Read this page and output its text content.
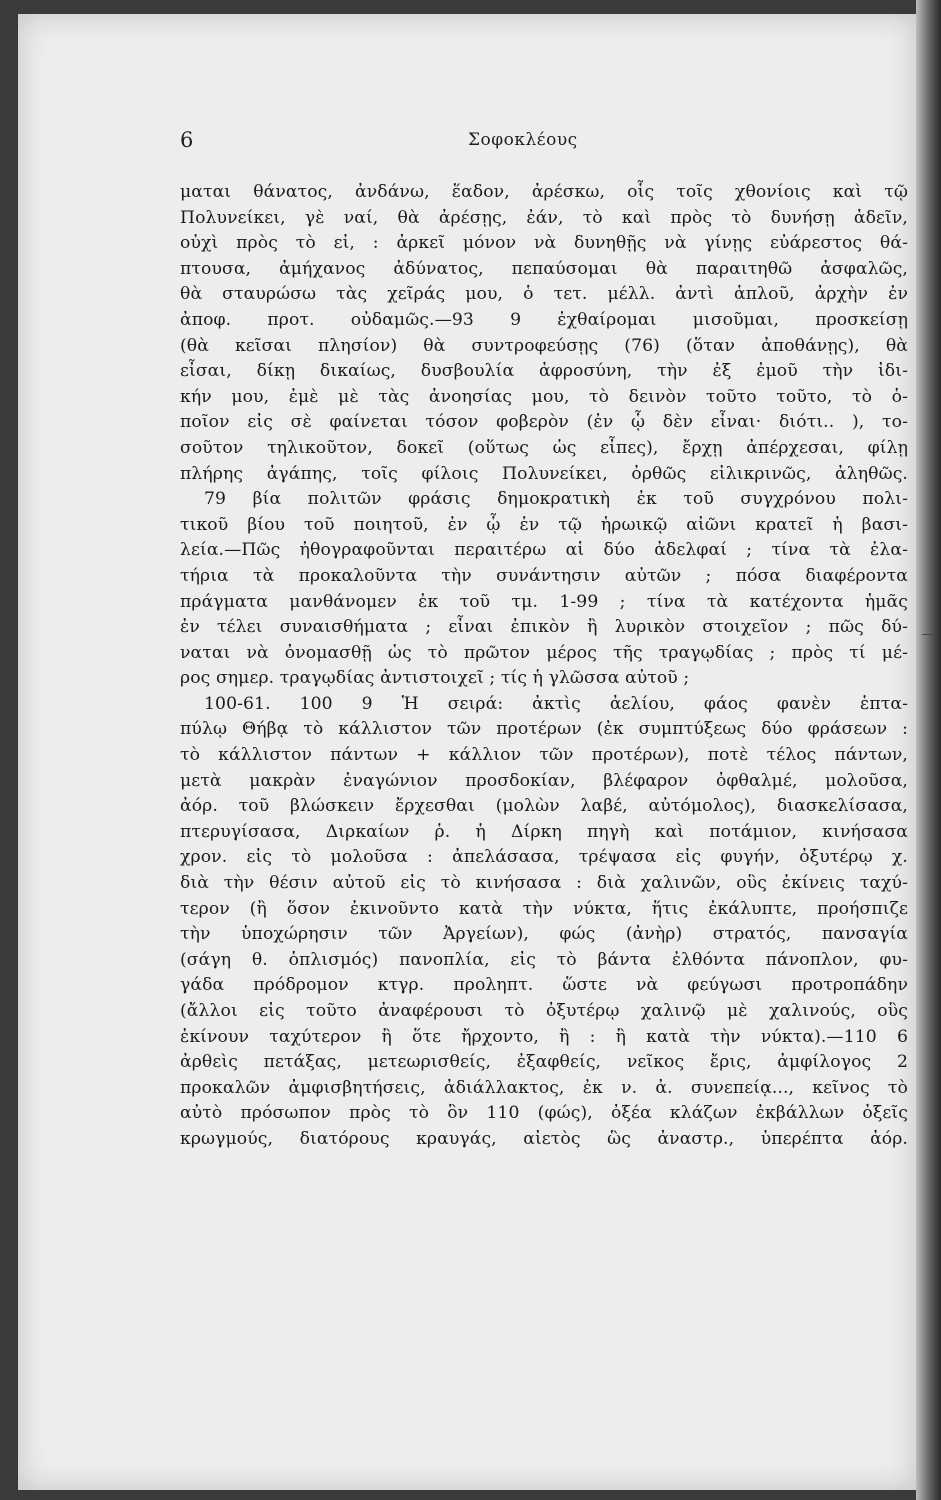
6	Σοφοκλέους
μαται θάνατος, ἀνδάνω, ἕαδον, ἀρέσκω, οἷς τοῖς χθονίοις καὶ τῷ
Πολυνείκει, γὲ ναί, θὰ ἀρέσῃς, ἐάν, τὸ καὶ πρὸς τὸ δυνήσῃ ἀδεῖν,
οὐχὶ πρὸς τὸ εἰ, : ἀρκεῖ μόνον νὰ δυνηθῇς νὰ γίνῃς εὐάρεστος θά-
πτουσα, ἀμήχανος ἀδύνατος, πεπαύσομαι θὰ παραιτηθῶ ἀσφαλῶς,
θὰ σταυρώσω τὰς χεῖράς μου, ὁ τετ. μέλλ. ἀντὶ ἁπλοῦ, ἀρχὴν ἐν
ἀποφ. προτ. οὐδαμῶς.—93 9 ἐχθαίρομαι μισοῦμαι, προσκείσῃ
(θὰ κεῖσαι πλησίον) θὰ συντροφεύσῃς (76) (ὅταν ἀποθάνῃς), θὰ
εἶσαι, δίκῃ δικαίως, δυσβουλία ἀφροσύνη, τὴν ἐξ ἐμοῦ τὴν ἰδι-
κήν μου, ἐμὲ μὲ τὰς ἀνοησίας μου, τὸ δεινὸν τοῦτο τοῦτο, τὸ ὁ-
ποῖον εἰς σὲ φαίνεται τόσον φοβερὸν (ἐν ᾧ δὲν εἶναι· διότι.. ), το-
σοῦτον τηλικοῦτον, δοκεῖ (οὕτως ὡς εἶπες), ἔρχῃ ἀπέρχεσαι, φίλῃ
πλήρης ἀγάπης, τοῖς φίλοις Πολυνείκει, ὀρθῶς εἰλικρινῶς, ἀληθῶς.
79 βία πολιτῶν φράσις δημοκρατικὴ ἐκ τοῦ συγχρόνου πολι-
τικοῦ βίου τοῦ ποιητοῦ, ἐν ᾧ ἐν τῷ ἡρωικῷ αἰῶνι κρατεῖ ἡ βασι-
λεία.—Πῶς ἠθογραφοῦνται περαιτέρω αἱ δύο ἀδελφαί ; τίνα τὰ ἐλα-
τήρια τὰ προκαλοῦντα τὴν συνάντησιν αὐτῶν ; πόσα διαφέροντα
πράγματα μανθάνομεν ἐκ τοῦ τμ. 1-99 ; τίνα τὰ κατέχοντα ἡμᾶς
ἐν τέλει συναισθήματα ; εἶναι ἐπικὸν ἢ λυρικὸν στοιχεῖον ; πῶς δύ-
ναται νὰ ὀνομασθῇ ὡς τὸ πρῶτον μέρος τῆς τραγῳδίας ; πρὸς τί μέ-
ρος σημερ. τραγῳδίας ἀντιστοιχεῖ ; τίς ἡ γλῶσσα αὐτοῦ ;
100-61. 100 9 Ἡ σειρά: ἀκτὶς ἀελίου, φάος φανὲν ἑπτα-
πύλῳ Θήβᾳ τὸ κάλλιστον τῶν προτέρων (ἐκ συμπτύξεως δύο φράσεων :
τὸ κάλλιστον πάντων + κάλλιον τῶν προτέρων), ποτὲ τέλος πάντων,
μετὰ μακρὰν ἐναγώνιον προσδοκίαν, βλέφαρον ὀφθαλμέ, μολοῦσα,
ἀόρ. τοῦ βλώσκειν ἔρχεσθαι (μολὼν λαβέ, αὐτόμολος), διασκελίσασα,
πτερυγίσασα, Διρκαίων ῥ. ἡ Δίρκη πηγὴ καὶ ποτάμιον, κινήσασα
χρον. εἰς τὸ μολοῦσα : ἀπελάσασα, τρέψασα εἰς φυγήν, ὀξυτέρῳ χ.
διὰ τὴν θέσιν αὐτοῦ εἰς τὸ κινήσασα : διὰ χαλινῶν, οὓς ἐκίνεις ταχύ-
τερον (ἢ ὅσον ἐκινοῦντο κατὰ τὴν νύκτα, ἥτις ἐκάλυπτε, προήσπιζε
τὴν ὑποχώρησιν τῶν Ἀργείων), φώς (ἀνὴρ) στρατός, πανσαγία
(σάγη θ. ὁπλισμός) πανοπλία, εἰς τὸ βάντα ἐλθόντα πάνοπλον, φυ-
γάδα πρόδρομον κτγρ. προληπτ. ὥστε νὰ φεύγωσι προτροπάδην
(ἄλλοι εἰς τοῦτο ἀναφέρουσι τὸ ὀξυτέρῳ χαλινῷ μὲ χαλινούς, οὓς
ἐκίνουν ταχύτερον ἢ ὅτε ἤρχοντο, ἢ : ἢ κατὰ τὴν νύκτα).—110 6
ἀρθεὶς πετάξας, μετεωρισθείς, ἐξαφθείς, νεῖκος ἔρις, ἀμφίλογος 2
προκαλῶν ἀμφισβητήσεις, ἀδιάλλακτος, ἐκ ν. ἀ. συνεπείᾳ..., κεῖνος τὸ
αὐτὸ πρόσωπον πρὸς τὸ ὃν 110 (φώς), ὀξέα κλάζων ἐκβάλλων ὀξεῖς
κρωγμούς, διατόρους κραυγάς, αἰετὸς ὣς ἀναστρ., ὑπερέπτα ἀόρ.
